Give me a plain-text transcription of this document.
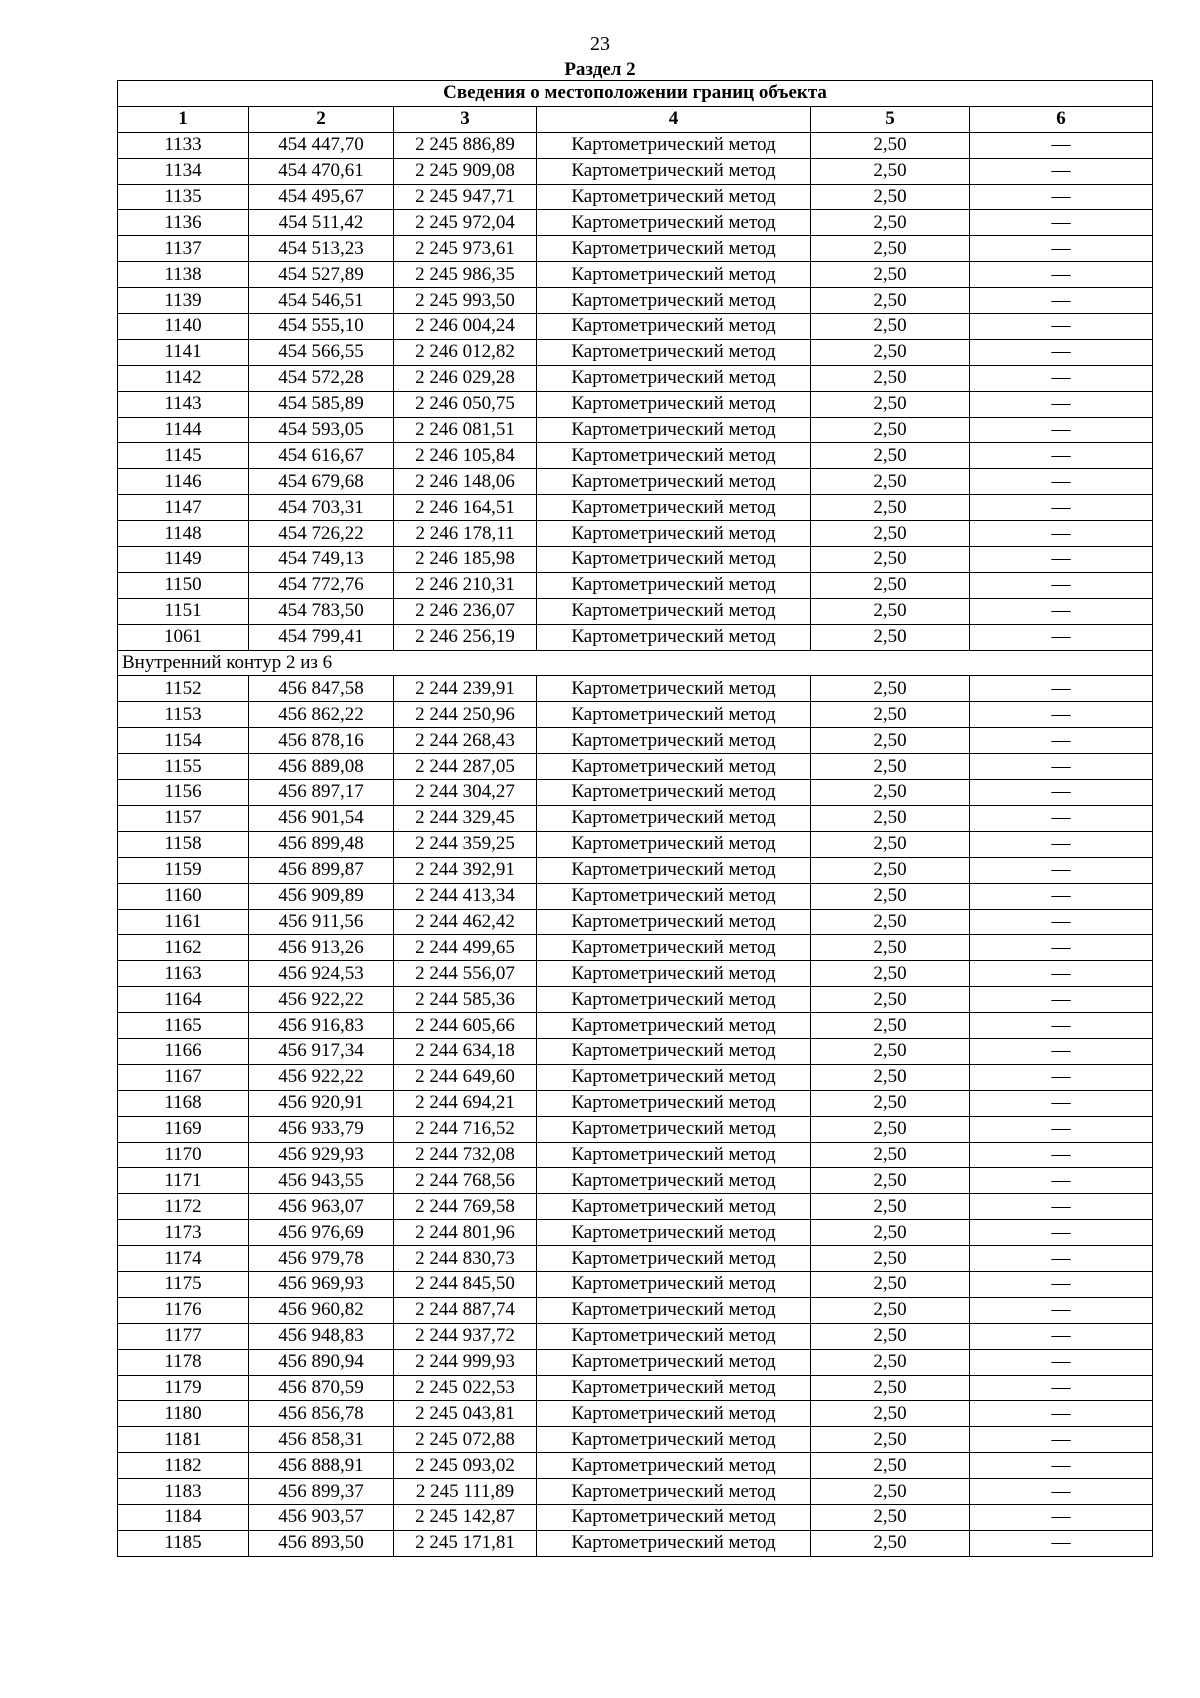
23
Раздел 2
Сведения о местоположении границ объекта					
1	2	3	4	5	6
1133	454 447,70	2 245 886,89	Картометрический метод	2,50	—
1134	454 470,61	2 245 909,08	Картометрический метод	2,50	—
1135	454 495,67	2 245 947,71	Картометрический метод	2,50	—
1136	454 511,42	2 245 972,04	Картометрический метод	2,50	—
1137	454 513,23	2 245 973,61	Картометрический метод	2,50	—
1138	454 527,89	2 245 986,35	Картометрический метод	2,50	—
1139	454 546,51	2 245 993,50	Картометрический метод	2,50	—
1140	454 555,10	2 246 004,24	Картометрический метод	2,50	—
1141	454 566,55	2 246 012,82	Картометрический метод	2,50	—
1142	454 572,28	2 246 029,28	Картометрический метод	2,50	—
1143	454 585,89	2 246 050,75	Картометрический метод	2,50	—
1144	454 593,05	2 246 081,51	Картометрический метод	2,50	—
1145	454 616,67	2 246 105,84	Картометрический метод	2,50	—
1146	454 679,68	2 246 148,06	Картометрический метод	2,50	—
1147	454 703,31	2 246 164,51	Картометрический метод	2,50	—
1148	454 726,22	2 246 178,11	Картометрический метод	2,50	—
1149	454 749,13	2 246 185,98	Картометрический метод	2,50	—
1150	454 772,76	2 246 210,31	Картометрический метод	2,50	—
1151	454 783,50	2 246 236,07	Картометрический метод	2,50	—
1061	454 799,41	2 246 256,19	Картометрический метод	2,50	—
Внутренний контур 2 из 6					
1152	456 847,58	2 244 239,91	Картометрический метод	2,50	—
1153	456 862,22	2 244 250,96	Картометрический метод	2,50	—
1154	456 878,16	2 244 268,43	Картометрический метод	2,50	—
1155	456 889,08	2 244 287,05	Картометрический метод	2,50	—
1156	456 897,17	2 244 304,27	Картометрический метод	2,50	—
1157	456 901,54	2 244 329,45	Картометрический метод	2,50	—
1158	456 899,48	2 244 359,25	Картометрический метод	2,50	—
1159	456 899,87	2 244 392,91	Картометрический метод	2,50	—
1160	456 909,89	2 244 413,34	Картометрический метод	2,50	—
1161	456 911,56	2 244 462,42	Картометрический метод	2,50	—
1162	456 913,26	2 244 499,65	Картометрический метод	2,50	—
1163	456 924,53	2 244 556,07	Картометрический метод	2,50	—
1164	456 922,22	2 244 585,36	Картометрический метод	2,50	—
1165	456 916,83	2 244 605,66	Картометрический метод	2,50	—
1166	456 917,34	2 244 634,18	Картометрический метод	2,50	—
1167	456 922,22	2 244 649,60	Картометрический метод	2,50	—
1168	456 920,91	2 244 694,21	Картометрический метод	2,50	—
1169	456 933,79	2 244 716,52	Картометрический метод	2,50	—
1170	456 929,93	2 244 732,08	Картометрический метод	2,50	—
1171	456 943,55	2 244 768,56	Картометрический метод	2,50	—
1172	456 963,07	2 244 769,58	Картометрический метод	2,50	—
1173	456 976,69	2 244 801,96	Картометрический метод	2,50	—
1174	456 979,78	2 244 830,73	Картометрический метод	2,50	—
1175	456 969,93	2 244 845,50	Картометрический метод	2,50	—
1176	456 960,82	2 244 887,74	Картометрический метод	2,50	—
1177	456 948,83	2 244 937,72	Картометрический метод	2,50	—
1178	456 890,94	2 244 999,93	Картометрический метод	2,50	—
1179	456 870,59	2 245 022,53	Картометрический метод	2,50	—
1180	456 856,78	2 245 043,81	Картометрический метод	2,50	—
1181	456 858,31	2 245 072,88	Картометрический метод	2,50	—
1182	456 888,91	2 245 093,02	Картометрический метод	2,50	—
1183	456 899,37	2 245 111,89	Картометрический метод	2,50	—
1184	456 903,57	2 245 142,87	Картометрический метод	2,50	—
1185	456 893,50	2 245 171,81	Картометрический метод	2,50	—
